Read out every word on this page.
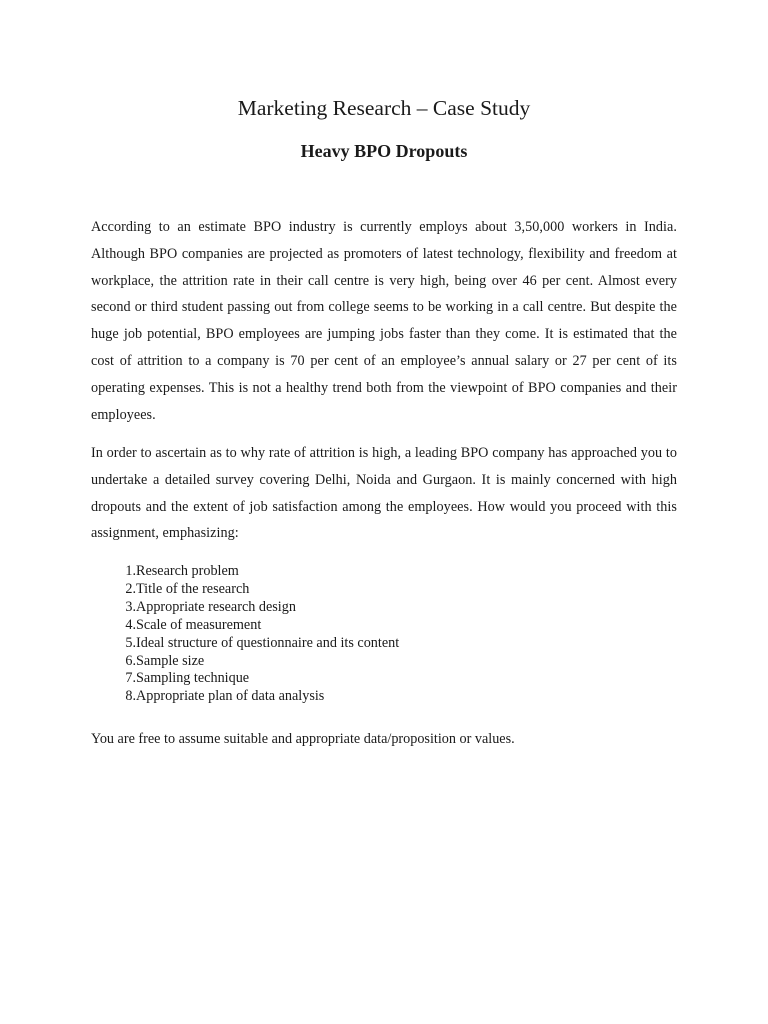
Marketing Research – Case Study
Heavy BPO Dropouts

According to an estimate BPO industry is currently employs about 3,50,000 workers in India. Although BPO companies are projected as promoters of latest technology, flexibility and freedom at workplace, the attrition rate in their call centre is very high, being over 46 per cent. Almost every second or third student passing out from college seems to be working in a call centre. But despite the huge job potential, BPO employees are jumping jobs faster than they come. It is estimated that the cost of attrition to a company is 70 per cent of an employee’s annual salary or 27 per cent of its operating expenses. This is not a healthy trend both from the viewpoint of BPO companies and their employees.

In order to ascertain as to why rate of attrition is high, a leading BPO company has approached you to undertake a detailed survey covering Delhi, Noida and Gurgaon. It is mainly concerned with high dropouts and the extent of job satisfaction among the employees. How would you proceed with this assignment, emphasizing:

1. Research problem
2. Title of the research
3. Appropriate research design
4. Scale of measurement
5. Ideal structure of questionnaire and its content
6. Sample size
7. Sampling technique
8. Appropriate plan of data analysis

You are free to assume suitable and appropriate data/proposition or values.
